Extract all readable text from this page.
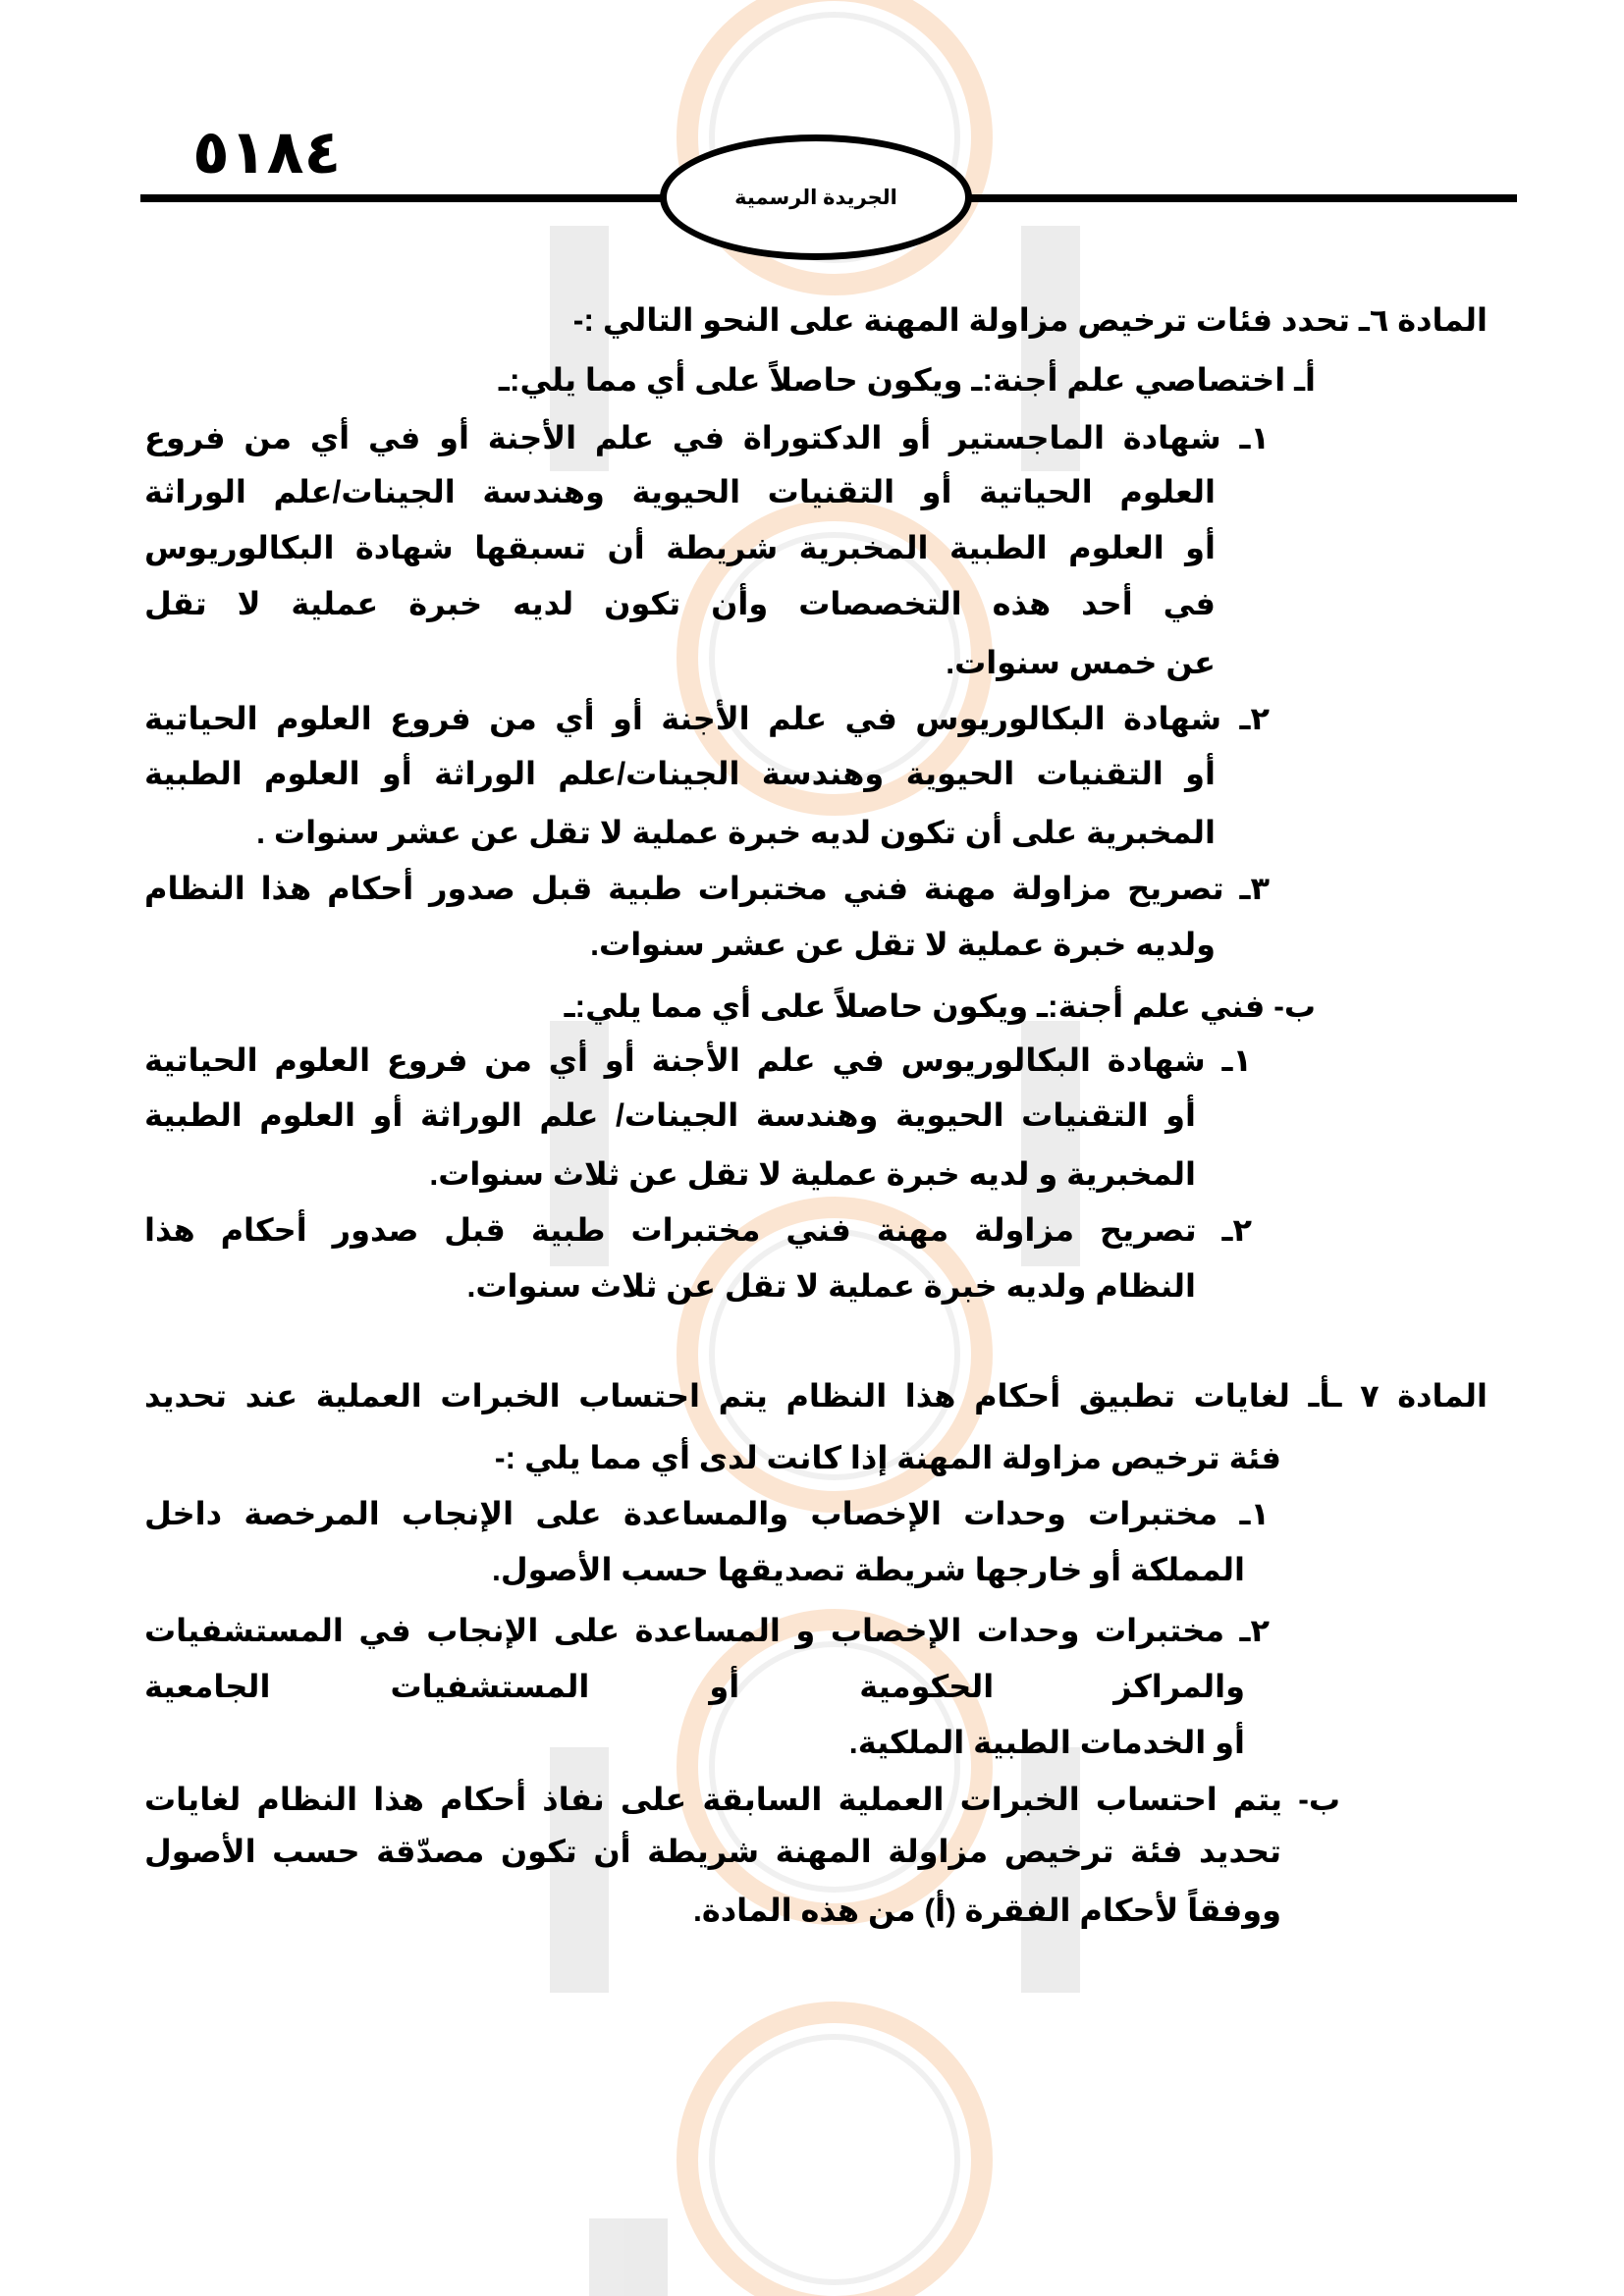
الجريدة الرسمية
٥١٨٤
المادة ٦ـ تحدد فئات ترخيص مزاولة المهنة على النحو التالي :-
أـ اختصاصي علم أجنة:ـ ويكون حاصلاً على أي مما يلي:ـ
١ـ شهادة الماجستير أو الدكتوراة في علم الأجنة أو في أي من فروع
العلوم الحياتية أو التقنيات الحيوية وهندسة الجينات/علم الوراثة
أو العلوم الطبية المخبرية شريطة أن تسبقها شهادة البكالوريوس
في أحد هذه التخصصات وأن تكون لديه خبرة عملية لا تقل
عن خمس سنوات.
٢ـ شهادة البكالوريوس في علم الأجنة أو أي من فروع العلوم الحياتية
أو التقنيات الحيوية وهندسة الجينات/علم الوراثة أو العلوم الطبية
المخبرية على أن تكون لديه خبرة عملية لا تقل عن عشر سنوات .
٣ـ تصريح مزاولة مهنة فني مختبرات طبية قبل صدور أحكام هذا النظام
ولديه خبرة عملية لا تقل عن عشر سنوات.
ب- فني علم أجنة:ـ ويكون حاصلاً على أي مما يلي:ـ
١ـ شهادة البكالوريوس في علم الأجنة أو أي من فروع العلوم الحياتية
أو التقنيات الحيوية وهندسة الجينات/ علم الوراثة أو العلوم الطبية
المخبرية و لديه خبرة عملية لا تقل عن ثلاث سنوات.
٢ـ تصريح مزاولة مهنة فني مختبرات طبية قبل صدور أحكام هذا
النظام ولديه خبرة عملية لا تقل عن ثلاث سنوات.
المادة ٧ ـأـ لغايات تطبيق أحكام هذا النظام يتم احتساب الخبرات العملية عند تحديد
فئة ترخيص مزاولة المهنة إذا كانت لدى أي مما يلي :-
١ـ مختبرات وحدات الإخصاب والمساعدة على الإنجاب المرخصة داخل
المملكة أو خارجها شريطة تصديقها حسب الأصول.
٢ـ مختبرات وحدات الإخصاب و المساعدة على الإنجاب في المستشفيات
والمراكز الحكومية أو المستشفيات الجامعية
أو الخدمات الطبية الملكية.
ب- يتم احتساب الخبرات العملية السابقة على نفاذ أحكام هذا النظام لغايات
تحديد فئة ترخيص مزاولة المهنة شريطة أن تكون مصدّقة حسب الأصول
ووفقاً لأحكام الفقرة (أ) من هذه المادة.
